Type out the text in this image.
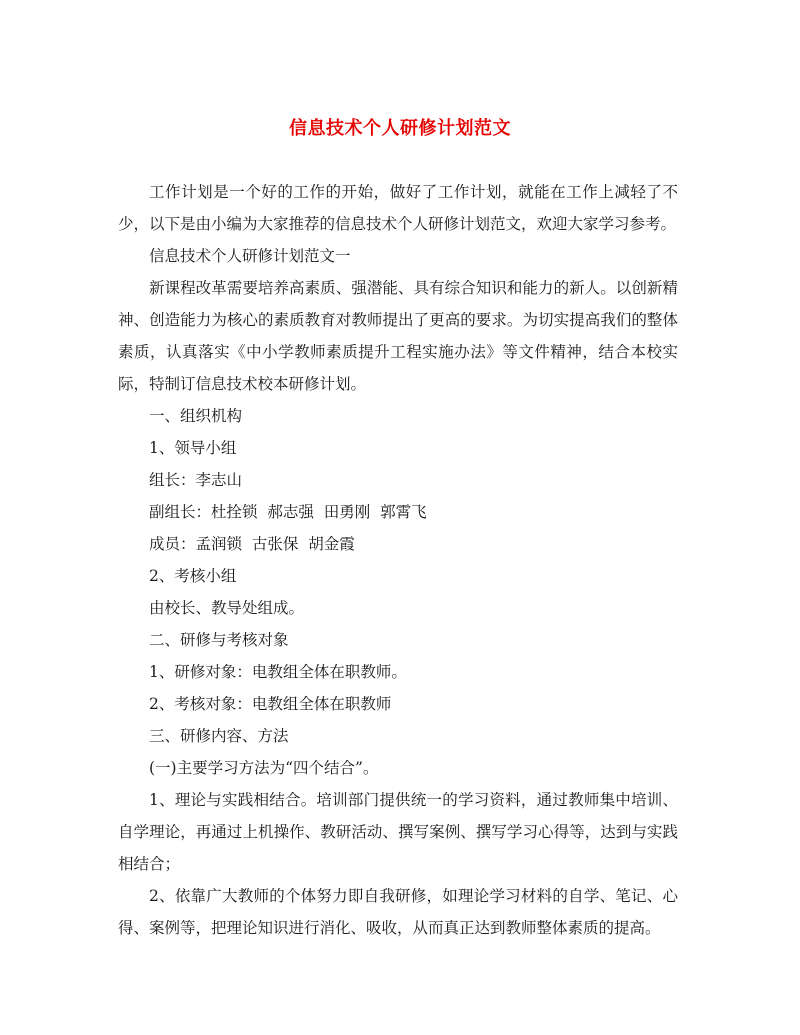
信息技术个人研修计划范文

工作计划是一个好的工作的开始，做好了工作计划，就能在工作上减轻了不少，以下是由小编为大家推荐的信息技术个人研修计划范文，欢迎大家学习参考。

信息技术个人研修计划范文一

新课程改革需要培养高素质、强潜能、具有综合知识和能力的新人。以创新精神、创造能力为核心的素质教育对教师提出了更高的要求。为切实提高我们的整体素质，认真落实《中小学教师素质提升工程实施办法》等文件精神，结合本校实际，特制订信息技术校本研修计划。

一、组织机构

1、领导小组

组长：李志山

副组长：杜拴锁  郝志强  田勇刚  郭霄飞

成员：孟润锁  古张保  胡金霞

2、考核小组

由校长、教导处组成。

二、研修与考核对象

1、研修对象：电教组全体在职教师。

2、考核对象：电教组全体在职教师

三、研修内容、方法

(一)主要学习方法为“四个结合”。

1、理论与实践相结合。培训部门提供统一的学习资料，通过教师集中培训、自学理论，再通过上机操作、教研活动、撰写案例、撰写学习心得等，达到与实践相结合；

2、依靠广大教师的个体努力即自我研修，如理论学习材料的自学、笔记、心得、案例等，把理论知识进行消化、吸收，从而真正达到教师整体素质的提高。
